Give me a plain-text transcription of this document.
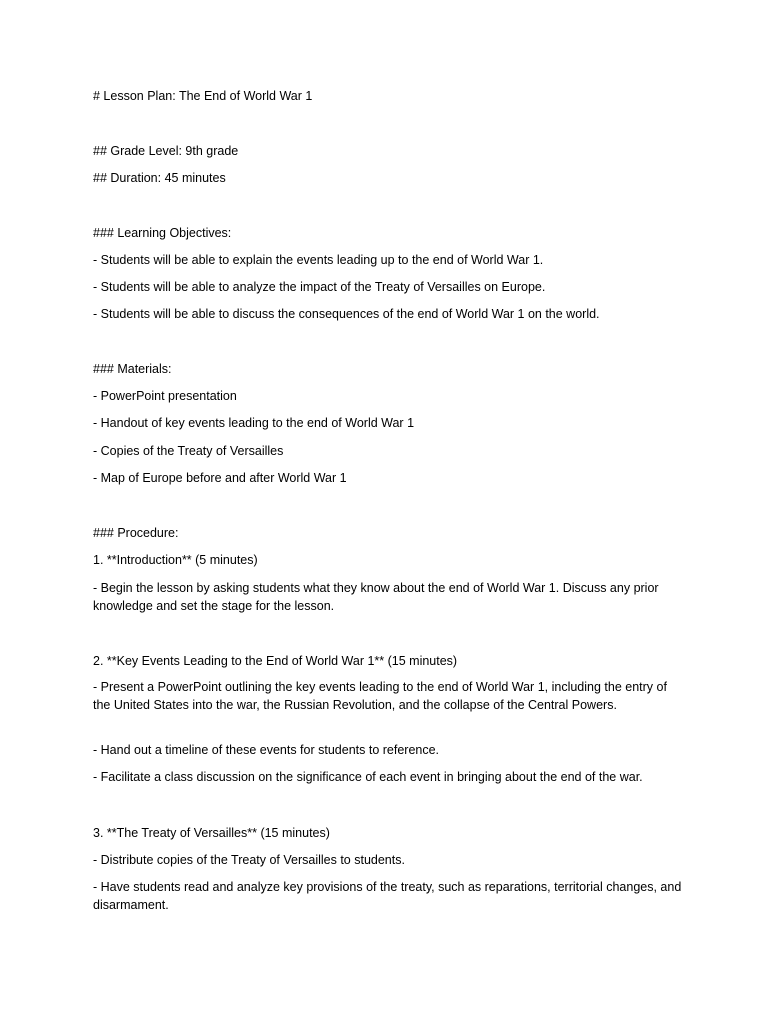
# Lesson Plan: The End of World War 1
## Grade Level: 9th grade
## Duration: 45 minutes
### Learning Objectives:
- Students will be able to explain the events leading up to the end of World War 1.
- Students will be able to analyze the impact of the Treaty of Versailles on Europe.
- Students will be able to discuss the consequences of the end of World War 1 on the world.
### Materials:
- PowerPoint presentation
- Handout of key events leading to the end of World War 1
- Copies of the Treaty of Versailles
- Map of Europe before and after World War 1
### Procedure:
1. **Introduction** (5 minutes)
- Begin the lesson by asking students what they know about the end of World War 1. Discuss any prior knowledge and set the stage for the lesson.
2. **Key Events Leading to the End of World War 1** (15 minutes)
- Present a PowerPoint outlining the key events leading to the end of World War 1, including the entry of the United States into the war, the Russian Revolution, and the collapse of the Central Powers.
- Hand out a timeline of these events for students to reference.
- Facilitate a class discussion on the significance of each event in bringing about the end of the war.
3. **The Treaty of Versailles** (15 minutes)
- Distribute copies of the Treaty of Versailles to students.
- Have students read and analyze key provisions of the treaty, such as reparations, territorial changes, and disarmament.
